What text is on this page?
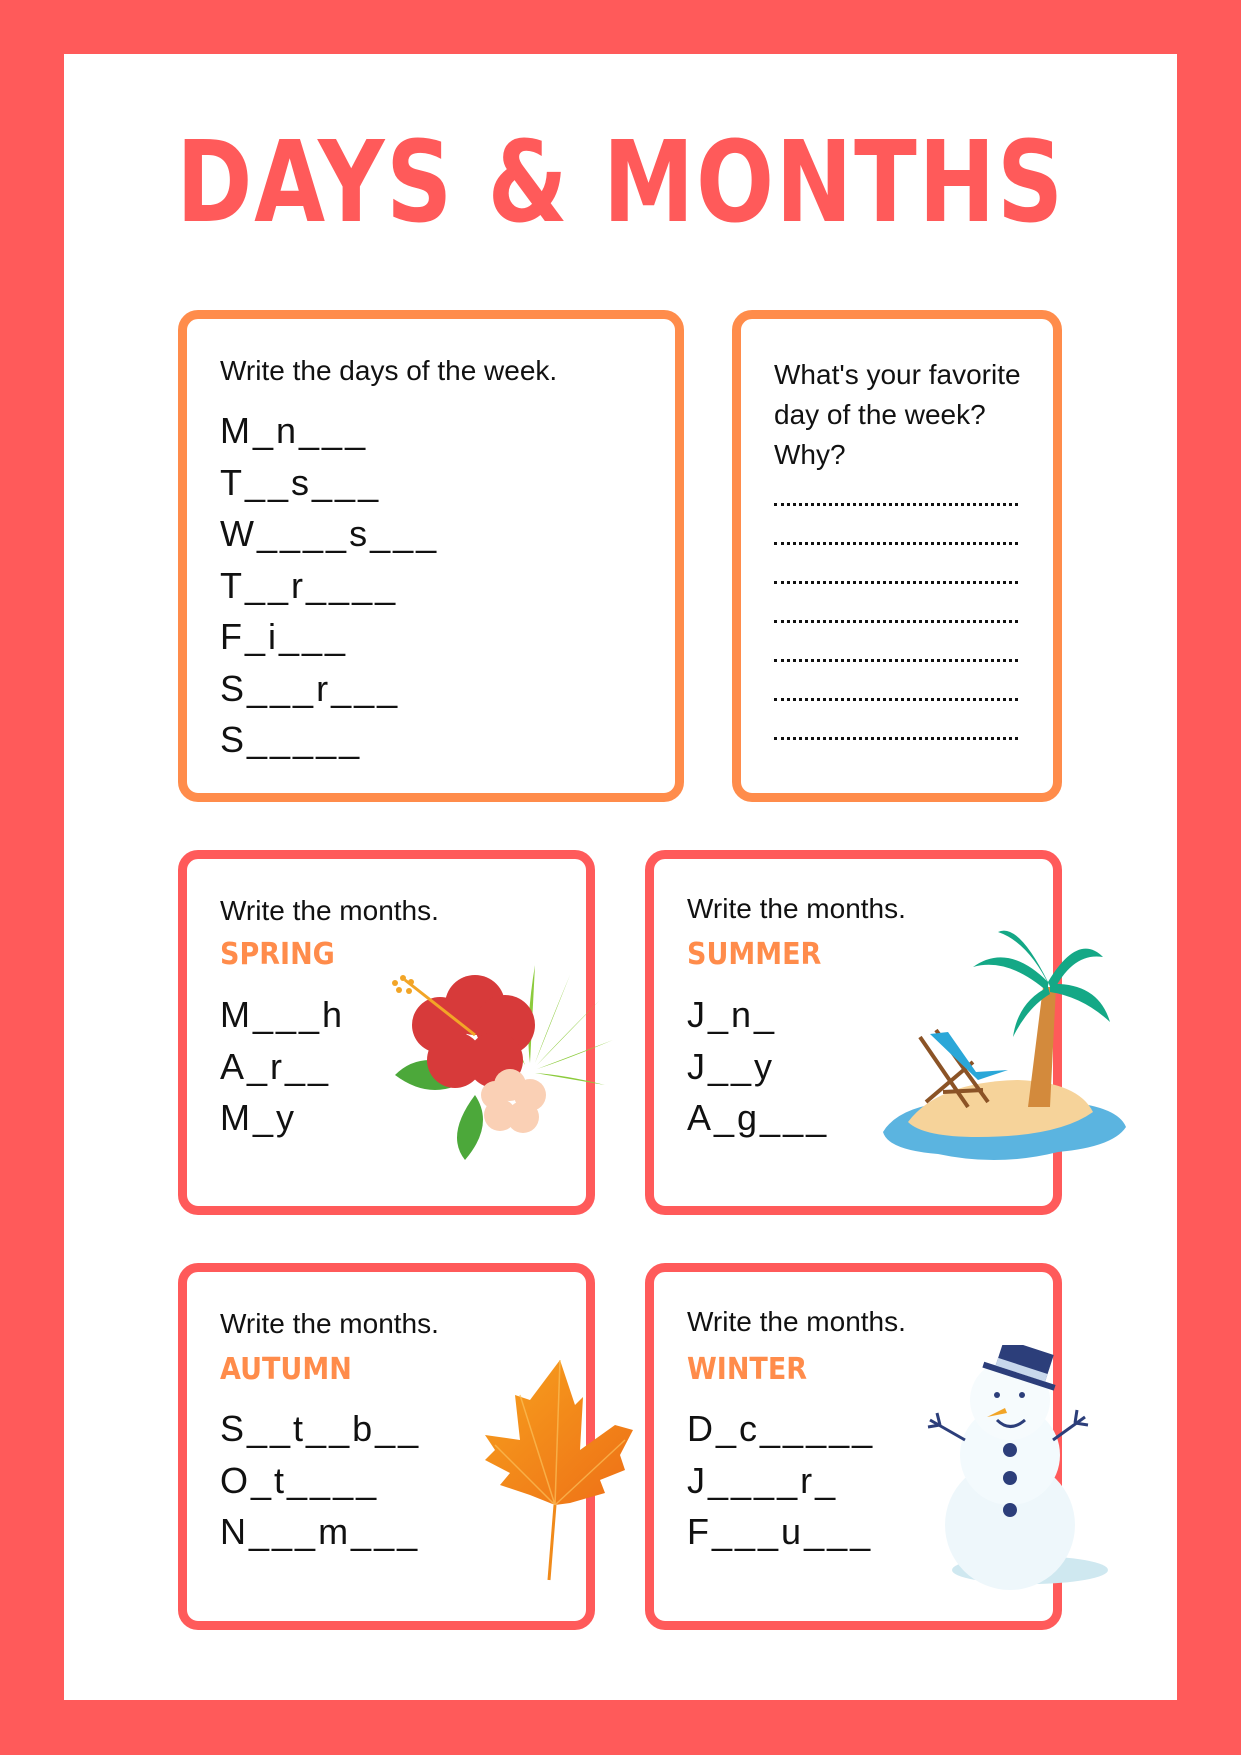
DAYS & MONTHS
Write the days of the week.
M_n___
T__s___
W____s___
T__r____
F_i___
S___r___
S_____
What's your favorite day of the week? Why?
Write the months.
SPRING
M___h
A_r__
M_y
Write the months.
SUMMER
J_n_
J__y
A_g___
Write the months.
AUTUMN
S__t__b__
O_t____
N___m___
Write the months.
WINTER
D_c_____
J____r_
F___u___
